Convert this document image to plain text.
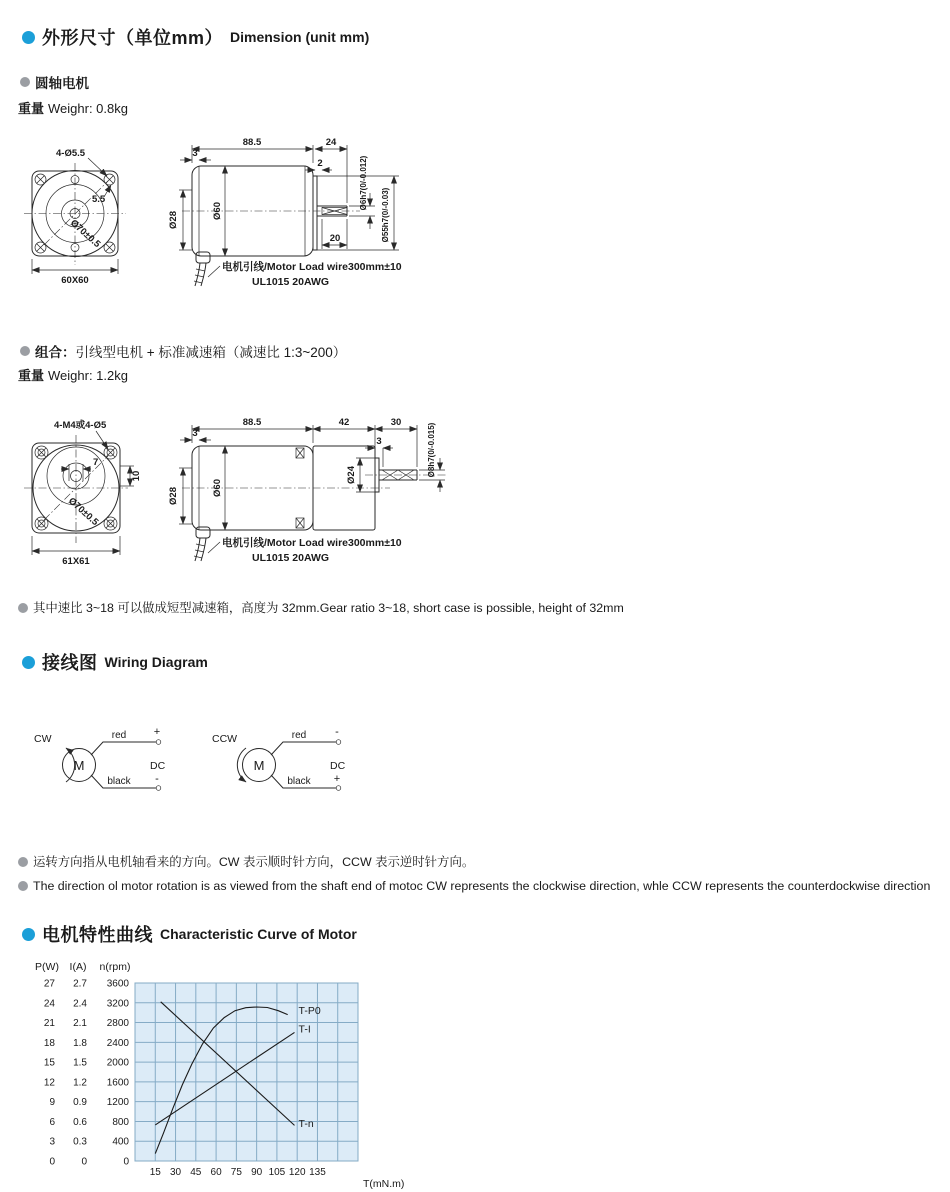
外形尺寸（单位mm） Dimension (unit mm)
圆轴电机
重量 Weighr: 0.8kg
4-Ø5.5
5.5
Ø70±0.5
60X60
88.5	24
3
2
20
Ø28
Ø60
Ø6h7(0/-0.012)
Ø55h7(0/-0.03)
电机引线/Motor Load wire300mm±10
UL1015 20AWG
组合： 引线型电机 + 标准减速箱（减速比 1:3~200）
重量 Weighr: 1.2kg
4-M4或4-Ø5
7
10
Ø70±0.5
61X61
88.5	42	30
3
3
Ø24
Ø60
Ø28
Ø8h7(0/-0.015)
电机引线/Motor Load wire300mm±10
UL1015 20AWG
其中速比 3~18 可以做成短型减速箱，高度为 32mm.Gear ratio 3~18, short case is possible, height of 32mm
接线图 Wiring Diagram
CW
M
red	+
DC
black -
CCW
M
red	-
DC
black +
运转方向指从电机轴看来的方向。CW 表示顺时针方向，CCW 表示逆时针方向。
The direction ol motor rotation is as viewed from the shaft end of motoc CW represents the clockwise direction, whle CCW represents the counterdockwise direction
电机特性曲线 Characteristic Curve of Motor
P(W)
27
24
21
18
15
12
9
6
3
0
I(A)
2.7
2.4
2.1
1.8
1.5
1.2
0.9
0.6
0.3
0
n(rpm)
3600
3200
2800
2400
2000
1600
1200
800
400
0
15 30 45 60 75 90 105 120 135
T(mN.m)
T-P0
T-I
T-n
